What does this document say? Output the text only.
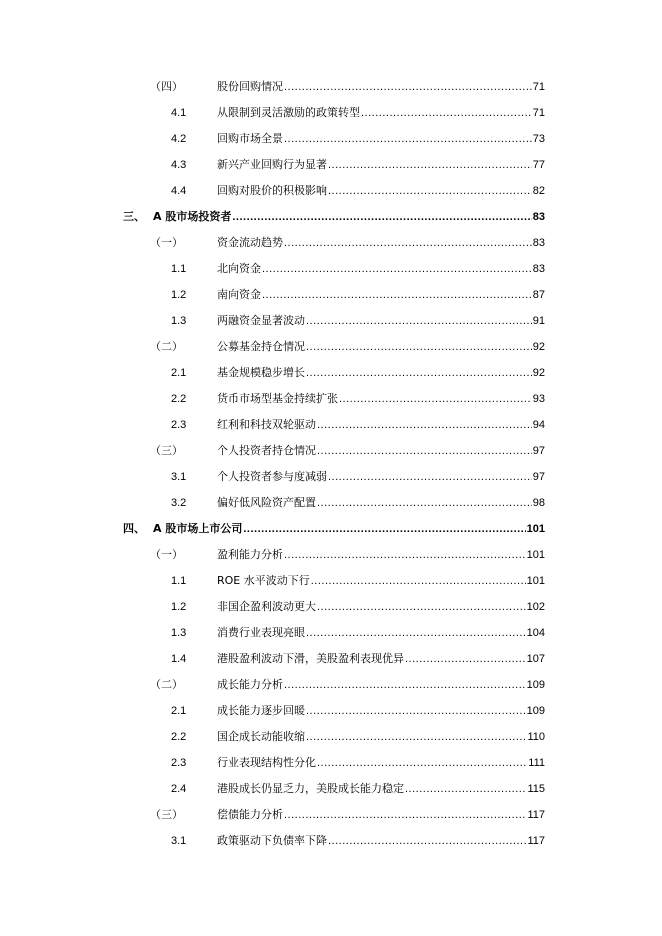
（四）	股份回购情况 .....	71
4.1	从限制到灵活激励的政策转型 .....	71
4.2	回购市场全景 .....	73
4.3	新兴产业回购行为显著 .....	77
4.4	回购对股价的积极影响 .....	82
三、 A 股市场投资者 .....	83
（一）	资金流动趋势 .....	83
1.1	北向资金 .....	83
1.2	南向资金 .....	87
1.3	两融资金显著波动 .....	91
（二）	公募基金持仓情况 .....	92
2.1	基金规模稳步增长 .....	92
2.2	货币市场型基金持续扩张 .....	93
2.3	红利和科技双轮驱动 .....	94
（三）	个人投资者持仓情况 .....	97
3.1	个人投资者参与度减弱 .....	97
3.2	偏好低风险资产配置 .....	98
四、 A 股市场上市公司 .....	101
（一）	盈利能力分析 .....	101
1.1	ROE 水平波动下行 .....	101
1.2	非国企盈利波动更大 .....	102
1.3	消费行业表现亮眼 .....	104
1.4	港股盈利波动下滑，美股盈利表现优异 .....	107
（二）	成长能力分析 .....	109
2.1	成长能力逐步回暖 .....	109
2.2	国企成长动能收缩 .....	110
2.3	行业表现结构性分化 .....	111
2.4	港股成长仍显乏力，美股成长能力稳定 .....	115
（三）	偿债能力分析 .....	117
3.1	政策驱动下负债率下降 .....	117
